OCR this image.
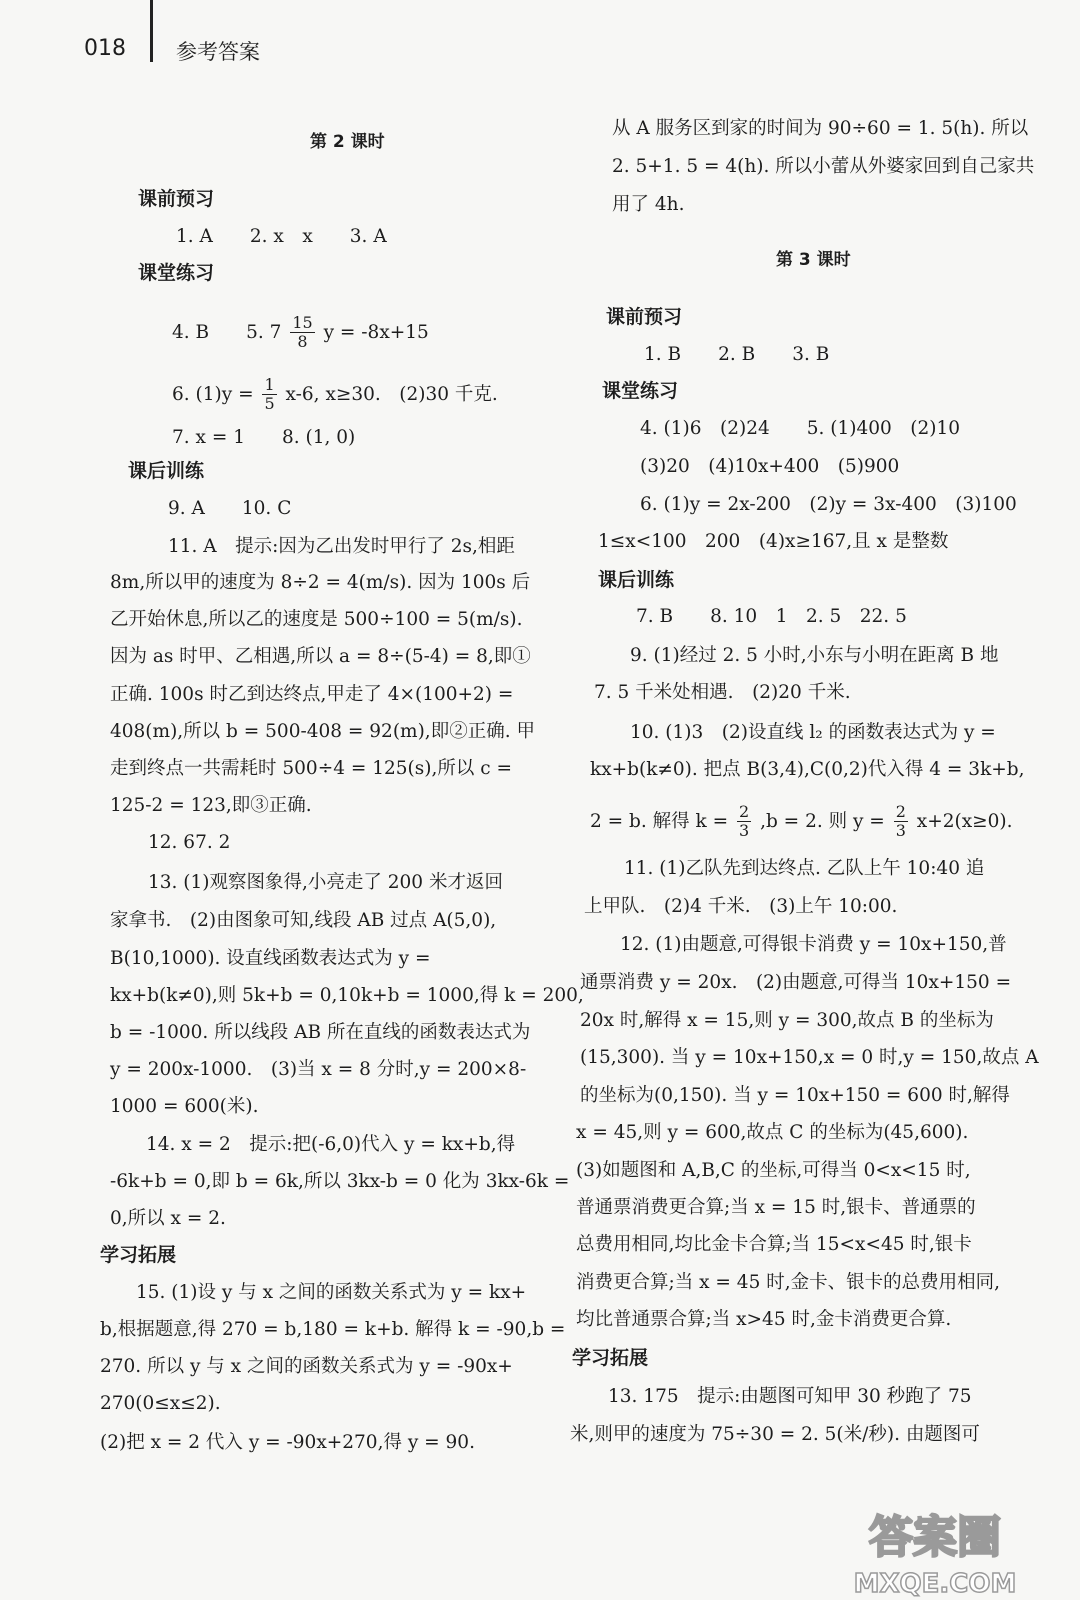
018 参考答案
第 2 课时
课前预习
1. A　　2. x　x　　3. A
课堂练习
4. B　　5. $7 \frac{15}{8}$ y = -8x+15
6. $(1)y = \frac{1}{5} x-6$, x≥30.　(2)30 千克.
7. x = 1　　8. (1, 0)
课后训练
9. A　　10. C
11. A　提示:因为乙出发时甲行了 2s,相距
8m,所以甲的速度为 8÷2 = 4(m/s). 因为 100s 后
乙开始休息,所以乙的速度是 500÷100 = 5(m/s).
因为 as 时甲、乙相遇,所以 a = 8÷(5-4) = 8,即①
正确. 100s 时乙到达终点,甲走了 4×(100+2) =
408(m),所以 b = 500-408 = 92(m),即②正确. 甲
走到终点一共需耗时 500÷4 = 125(s),所以 c =
125-2 = 123,即③正确.
12. 67. 2
13. (1)观察图象得,小亮走了 200 米才返回
家拿书.　(2)由图象可知,线段 AB 过点 A(5,0),
B(10,1000). 设直线函数表达式为 y =
kx+b(k≠0),则 5k+b = 0,10k+b = 1000,得 k = 200,
b = -1000. 所以线段 AB 所在直线的函数表达式为
y = 200x-1000.　(3)当 x = 8 分时,y = 200×8-
1000 = 600(米).
14. x = 2　提示:把(-6,0)代入 y = kx+b,得
-6k+b = 0,即 b = 6k,所以 3kx-b = 0 化为 3kx-6k =
0,所以 x = 2.
学习拓展
15. (1)设 y 与 x 之间的函数关系式为 y = kx+
b,根据题意,得 270 = b,180 = k+b. 解得 k = -90,b =
270. 所以 y 与 x 之间的函数关系式为 y = -90x+
270(0≤x≤2).
(2)把 x = 2 代入 y = -90x+270,得 y = 90.
从 A 服务区到家的时间为 90÷60 = 1. 5(h). 所以
2. 5+1. 5 = 4(h). 所以小蕾从外婆家回到自己家共
用了 4h.
第 3 课时
课前预习
1. B　　2. B　　3. B
课堂练习
4. (1)6　(2)24　　5. (1)400　(2)10
(3)20　(4)10x+400　(5)900
6. (1)y = 2x-200　(2)y = 3x-400　(3)100
1≤x<100　200　(4)x≥167,且 x 是整数
课后训练
7. B　　8. 10　1　2. 5　22. 5
9. (1)经过 2. 5 小时,小东与小明在距离 B 地
7. 5 千米处相遇.　(2)20 千米.
10. (1)3　(2)设直线 l₂ 的函数表达式为 y =
kx+b(k≠0). 把点 B(3,4),C(0,2)代入得 4 = 3k+b,
2 = b. 解得 $k = \frac{2}{3} ,b = 2$. 则 $y = \frac{2}{3} x+2(x\ge 0)$.
11. (1)乙队先到达终点. 乙队上午 10:40 追
上甲队.　(2)4 千米.　(3)上午 10:00.
12. (1)由题意,可得银卡消费 y = 10x+150,普
通票消费 y = 20x.　(2)由题意,可得当 10x+150 =
20x 时,解得 x = 15,则 y = 300,故点 B 的坐标为
(15,300). 当 y = 10x+150,x = 0 时,y = 150,故点 A
的坐标为(0,150). 当 y = 10x+150 = 600 时,解得
x = 45,则 y = 600,故点 C 的坐标为(45,600).
(3)如题图和 A,B,C 的坐标,可得当 0<x<15 时,
普通票消费更合算;当 x = 15 时,银卡、普通票的
总费用相同,均比金卡合算;当 15<x<45 时,银卡
消费更合算;当 x = 45 时,金卡、银卡的总费用相同,
均比普通票合算;当 x>45 时,金卡消费更合算.
学习拓展
13. 175　提示:由题图可知甲 30 秒跑了 75
米,则甲的速度为 75÷30 = 2. 5(米/秒). 由题图可
答案圈
MXQE.COM
